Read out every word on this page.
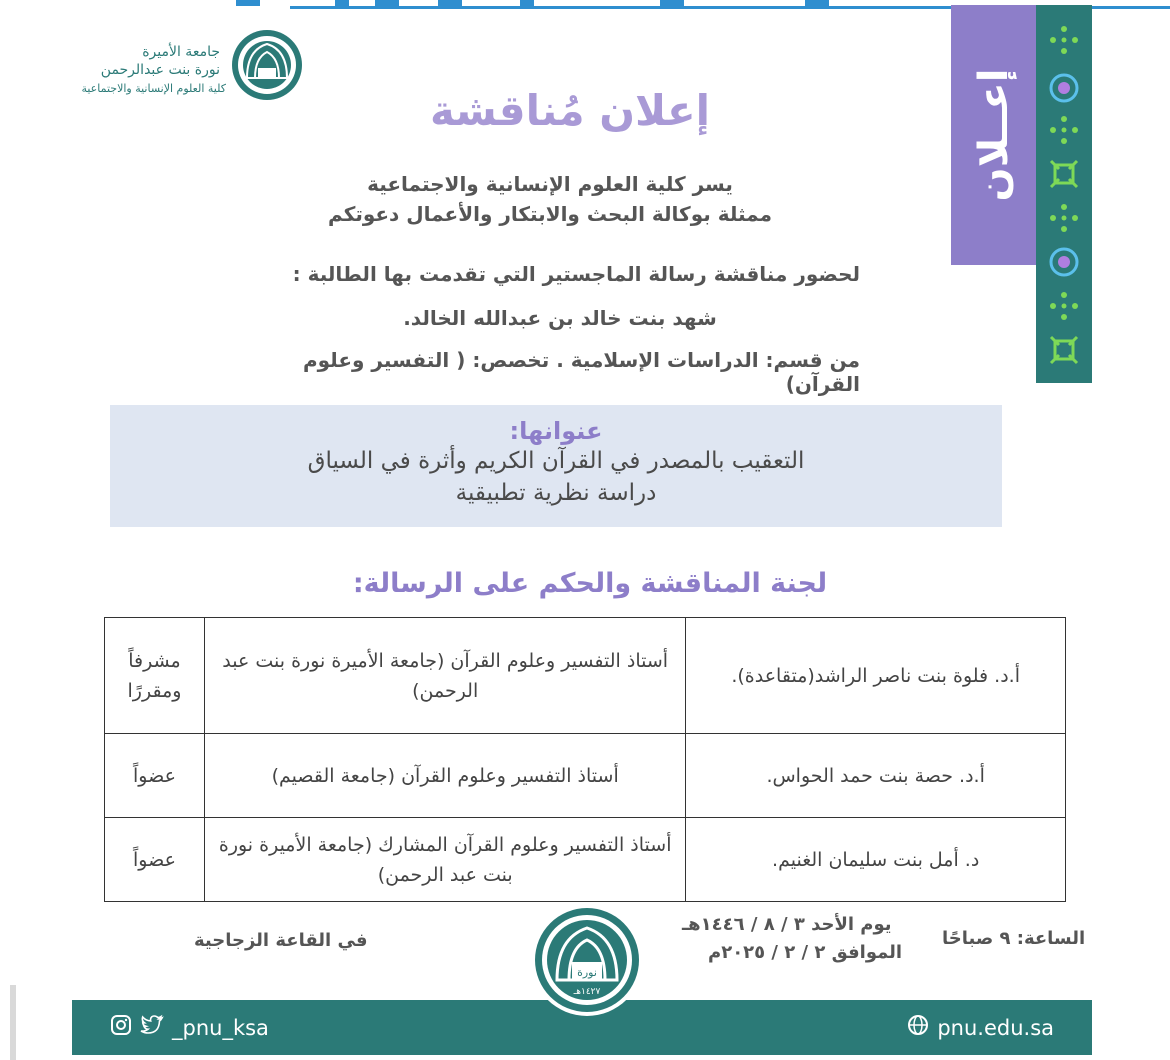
إعــلان
جامعة الأميرة
نورة بنت عبدالرحمن
كلية العلوم الإنسانية والاجتماعية	إعلان مُناقشة
يسر كلية العلوم الإنسانية والاجتماعية
ممثلة بوكالة البحث والابتكار والأعمال دعوتكم
لحضور مناقشة رسالة الماجستير التي تقدمت بها الطالبة :
شهد بنت خالد بن عبدالله الخالد.
من قسم: الدراسات الإسلامية . تخصص: ( التفسير وعلوم القرآن)
عنوانها:
التعقيب بالمصدر في القرآن الكريم وأثرة في السياق
دراسة نظرية تطبيقية
لجنة المناقشة والحكم على الرسالة:
أ.د. فلوة بنت ناصر الراشد(متقاعدة).	أستاذ التفسير وعلوم القرآن (جامعة الأميرة نورة بنت عبد الرحمن)	مشرفاً ومقررًا
أ.د. حصة بنت حمد الحواس.	أستاذ التفسير وعلوم القرآن (جامعة القصيم)	عضواً
د. أمل بنت سليمان الغنيم.	أستاذ التفسير وعلوم القرآن المشارك (جامعة الأميرة نورة بنت عبد الرحمن)	عضواً
الساعة: ٩ صباحًا
يوم الأحد ٣ / ٨ / ١٤٤٦هـ
الموافق ٢ / ٢ / ٢٠٢٥م
في القاعة الزجاجية
pnu.edu.sa
_pnu_ksa
نورة
١٤٢٧هـ
